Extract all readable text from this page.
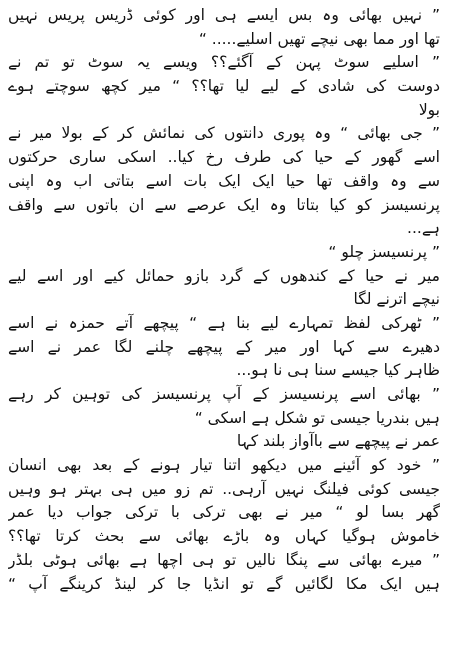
” نہیں بھائی وہ بس ایسے ہی اور کوئی ڈریس پریس نہیں
تھا اور مما بھی نیچے تھیں اسلیے..... “
” اسلیے سوٹ پہن کے آگئے؟؟ ویسے یہ سوٹ تو تم نے
دوست کی شادی کے لیے لیا تھا؟؟ “ میر کچھ سوچتے ہوے
بولا
” جی بھائی “ وہ پوری دانتوں کی نمائش کر کے بولا میر نے
اسے گھور کے حیا کی طرف رخ کیا.. اسکی ساری حرکتوں
سے وہ واقف تھا حیا ایک ایک بات اسے بتاتی اب وہ اپنی
پرنسیسز کو کیا بتاتا وہ ایک عرصے سے ان باتوں سے واقف
ہے...
” پرنسیسز چلو “
میر نے حیا کے کندھوں کے گرد بازو حمائل کیے اور اسے لیے
نیچے اترنے لگا
” ٹھرکی لفظ تمہارے لیے بنا ہے “ پیچھے آتے حمزہ نے اسے
دھیرے سے کہا اور میر کے پیچھے چلنے لگا عمر نے اسے
ظاہر کیا جیسے سنا ہی نا ہو...
” بھائی اسے پرنسیسز کے آپ پرنسیسز کی توہین کر رہے
ہیں بندریا جیسی تو شکل ہے اسکی “
عمر نے پیچھے سے باآواز بلند کہا
” خود کو آئینے میں دیکھو اتنا تیار ہونے کے بعد بھی انسان
جیسی کوئی فیلنگ نہیں آرہی.. تم زو میں ہی بہتر ہو وہیں
گھر بسا لو “ میر نے بھی ترکی با ترکی جواب دیا عمر
خاموش ہوگیا کہاں وہ باڑے بھائی سے بحث کرتا تھا؟؟
” میرے بھائی سے پنگا نالیں تو ہی اچھا ہے بھائی ہوٹی بلڈر
ہیں ایک مکا لگائیں گے تو انڈیا جا کر لینڈ کرینگے آپ “
